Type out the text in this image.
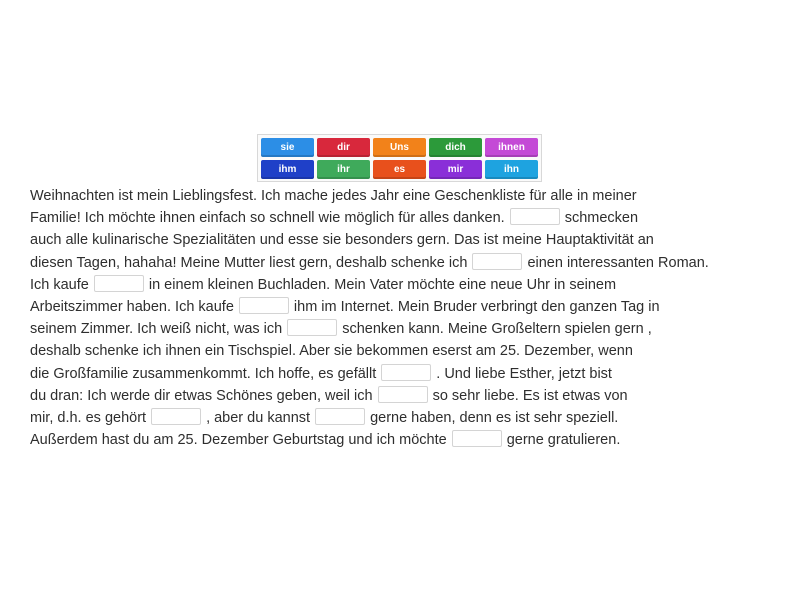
sie	dir	Uns	dich	ihnen
ihm	ihr	es	mir	ihn
Weihnachten ist mein Lieblingsfest. Ich mache jedes Jahr eine Geschenkliste für alle in meiner
Familie! Ich möchte ihnen einfach so schnell wie möglich für alles danken.	schmecken
auch alle kulinarische Spezialitäten und esse sie besonders gern. Das ist meine Hauptaktivität an
diesen Tagen, hahaha! Meine Mutter liest gern, deshalb schenke ich	einen interessanten Roman.
Ich kaufe	in einem kleinen Buchladen. Mein Vater möchte eine neue Uhr in seinem
Arbeitszimmer haben. Ich kaufe	ihm im Internet. Mein Bruder verbringt den ganzen Tag in
seinem Zimmer. Ich weiß nicht, was ich	schenken kann. Meine Großeltern spielen gern ,
deshalb schenke ich ihnen ein Tischspiel. Aber sie bekommen eserst am 25. Dezember, wenn
die Großfamilie zusammenkommt. Ich hoffe, es gefällt	. Und liebe Esther, jetzt bist
du dran: Ich werde dir etwas Schönes geben, weil ich	so sehr liebe. Es ist etwas von
mir, d.h. es gehört	, aber du kannst	gerne haben, denn es ist sehr speziell.
Außerdem hast du am 25. Dezember Geburtstag und ich möchte	gerne gratulieren.
